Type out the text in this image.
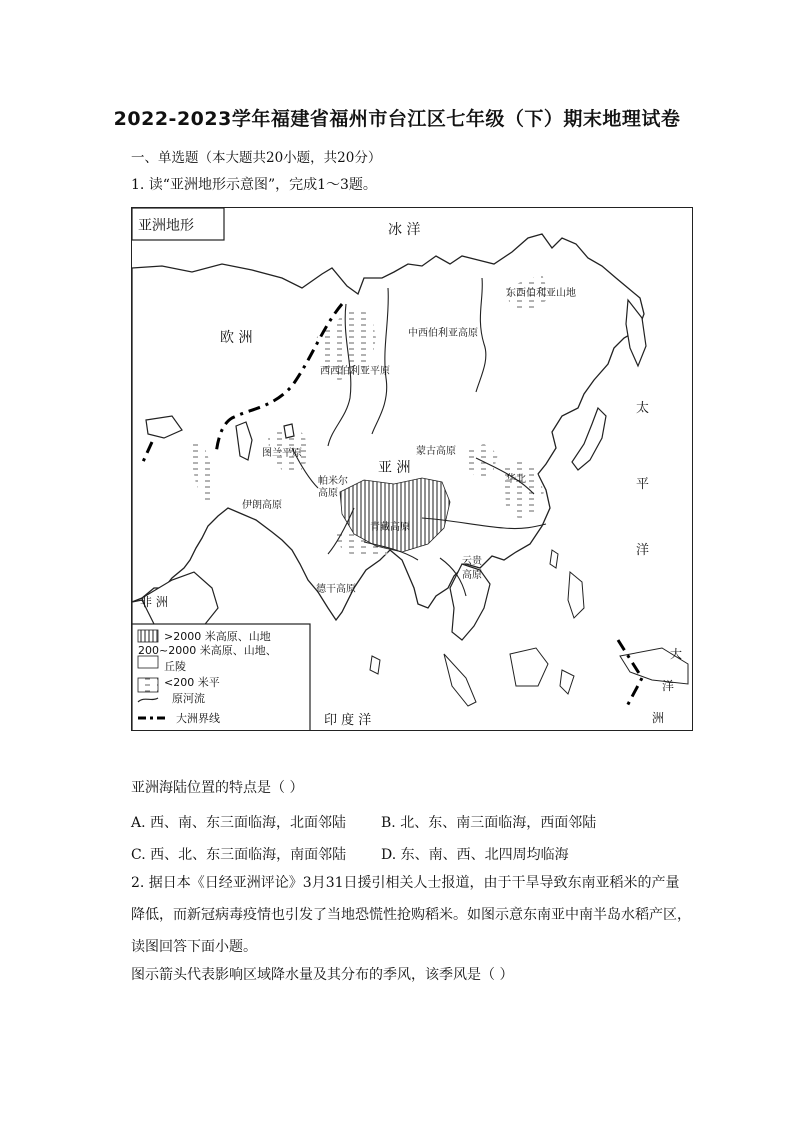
2022-2023学年福建省福州市台江区七年级（下）期末地理试卷
一、单选题（本大题共20小题，共20分）
1. 读“亚洲地形示意图”，完成1～3题。
亚洲地形	冰 洋
欧 洲
亚 洲
非 洲
太
平
洋
印 度 洋
大
洋
洲
东西伯利亚山地
中西伯利亚高原
西西伯利亚平原
蒙古高原
伊朗高原
德干高原
青藏高原
华北
云贵
高原
帕米尔
高原
图兰平原
>2000 米高原、山地
200~2000 米高原、山地、
丘陵
<200 米平
原河流
大洲界线
亚洲海陆位置的特点是（ ）
A. 西、南、东三面临海，北面邻陆 B. 北、东、南三面临海，西面邻陆
C. 西、北、东三面临海，南面邻陆 D. 东、南、西、北四周均临海
2. 据日本《日经亚洲评论》3月31日援引相关人士报道，由于干旱导致东南亚稻米的产量
降低，而新冠病毒疫情也引发了当地恐慌性抢购稻米。如图示意东南亚中南半岛水稻产区，
读图回答下面小题。
图示箭头代表影响区域降水量及其分布的季风，该季风是（ ）
